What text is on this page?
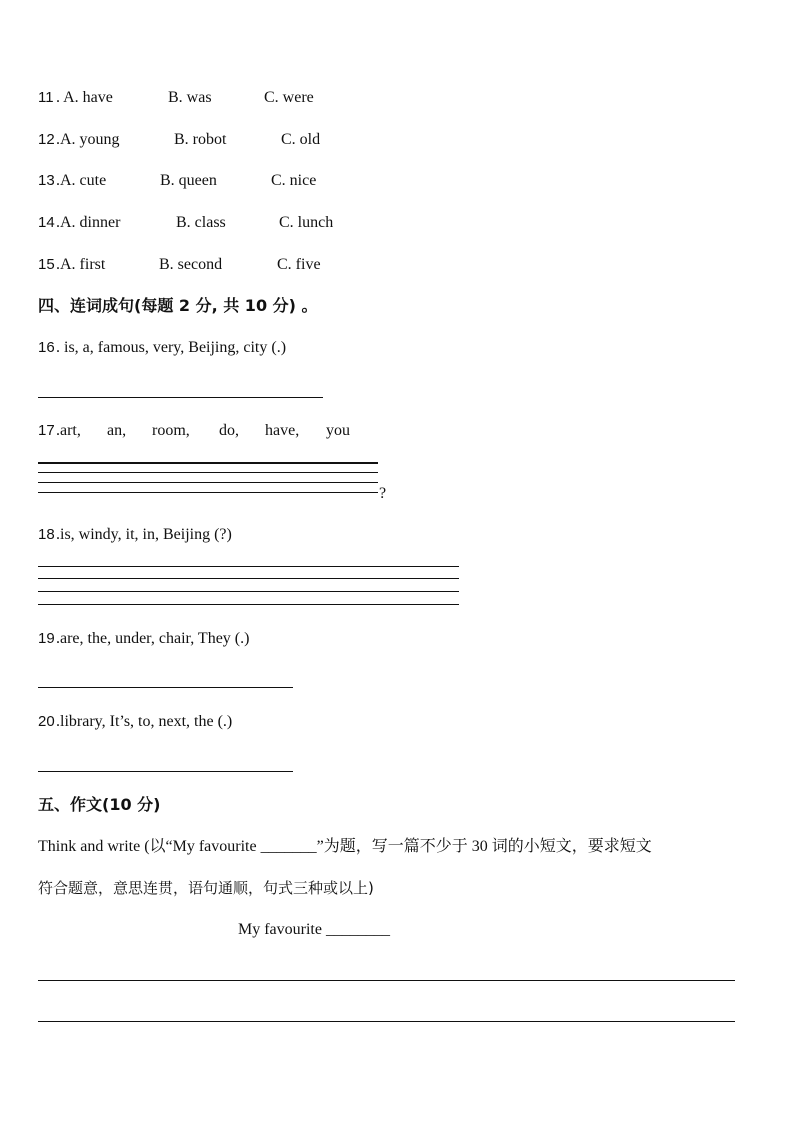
11 . A. have	B. was	C. were
12 .A. young	B. robot	C. old
13 .A. cute	B. queen	C. nice
14 .A. dinner	B. class	C. lunch
15 .A. first	B. second	C. five
四、连词成句(每题 2 分, 共 10 分) 。
16 . is, a, famous, very, Beijing, city (.)
17 .art, an, room, do, have, you
?
18 .is, windy, it, in, Beijing (?)
19 .are, the, under, chair, They (.)
20 .library, It’s, to, next, the (.)
五、作文(10 分)
Think and write (以“My favourite _______”为题，写一篇不少于 30 词的小短文，要求短文
符合题意，意思连贯，语句通顺，句式三种或以上)
My favourite ________
